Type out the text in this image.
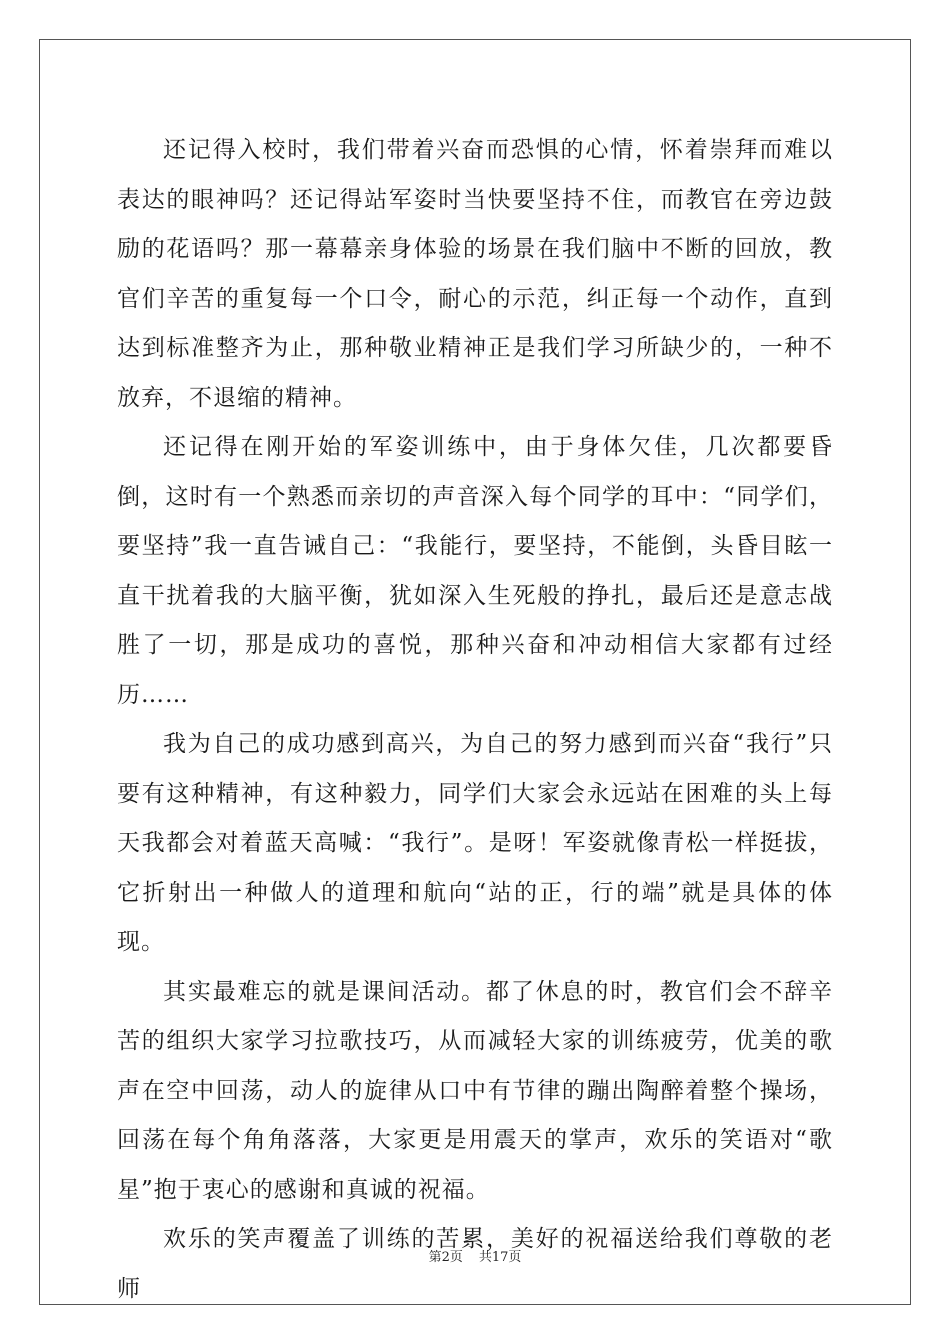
还记得入校时，我们带着兴奋而恐惧的心情，怀着崇拜而难以表达的眼神吗？还记得站军姿时当快要坚持不住，而教官在旁边鼓励的花语吗？那一幕幕亲身体验的场景在我们脑中不断的回放，教官们辛苦的重复每一个口令，耐心的示范，纠正每一个动作，直到达到标准整齐为止，那种敬业精神正是我们学习所缺少的，一种不放弃，不退缩的精神。

还记得在刚开始的军姿训练中，由于身体欠佳，几次都要昏倒，这时有一个熟悉而亲切的声音深入每个同学的耳中：“同学们，要坚持”我一直告诫自己：“我能行，要坚持，不能倒，头昏目眩一直干扰着我的大脑平衡，犹如深入生死般的挣扎，最后还是意志战胜了一切，那是成功的喜悦，那种兴奋和冲动相信大家都有过经历……

我为自己的成功感到高兴，为自己的努力感到而兴奋“我行”只要有这种精神，有这种毅力，同学们大家会永远站在困难的头上每天我都会对着蓝天高喊：“我行”。是呀！军姿就像青松一样挺拔，它折射出一种做人的道理和航向“站的正，行的端”就是具体的体现。

其实最难忘的就是课间活动。都了休息的时，教官们会不辞辛苦的组织大家学习拉歌技巧，从而减轻大家的训练疲劳，优美的歌声在空中回荡，动人的旋律从口中有节律的蹦出陶醉着整个操场，回荡在每个角角落落，大家更是用震天的掌声，欢乐的笑语对“歌星”抱于衷心的感谢和真诚的祝福。

欢乐的笑声覆盖了训练的苦累，美好的祝福送给我们尊敬的老师

第2页 共17页
